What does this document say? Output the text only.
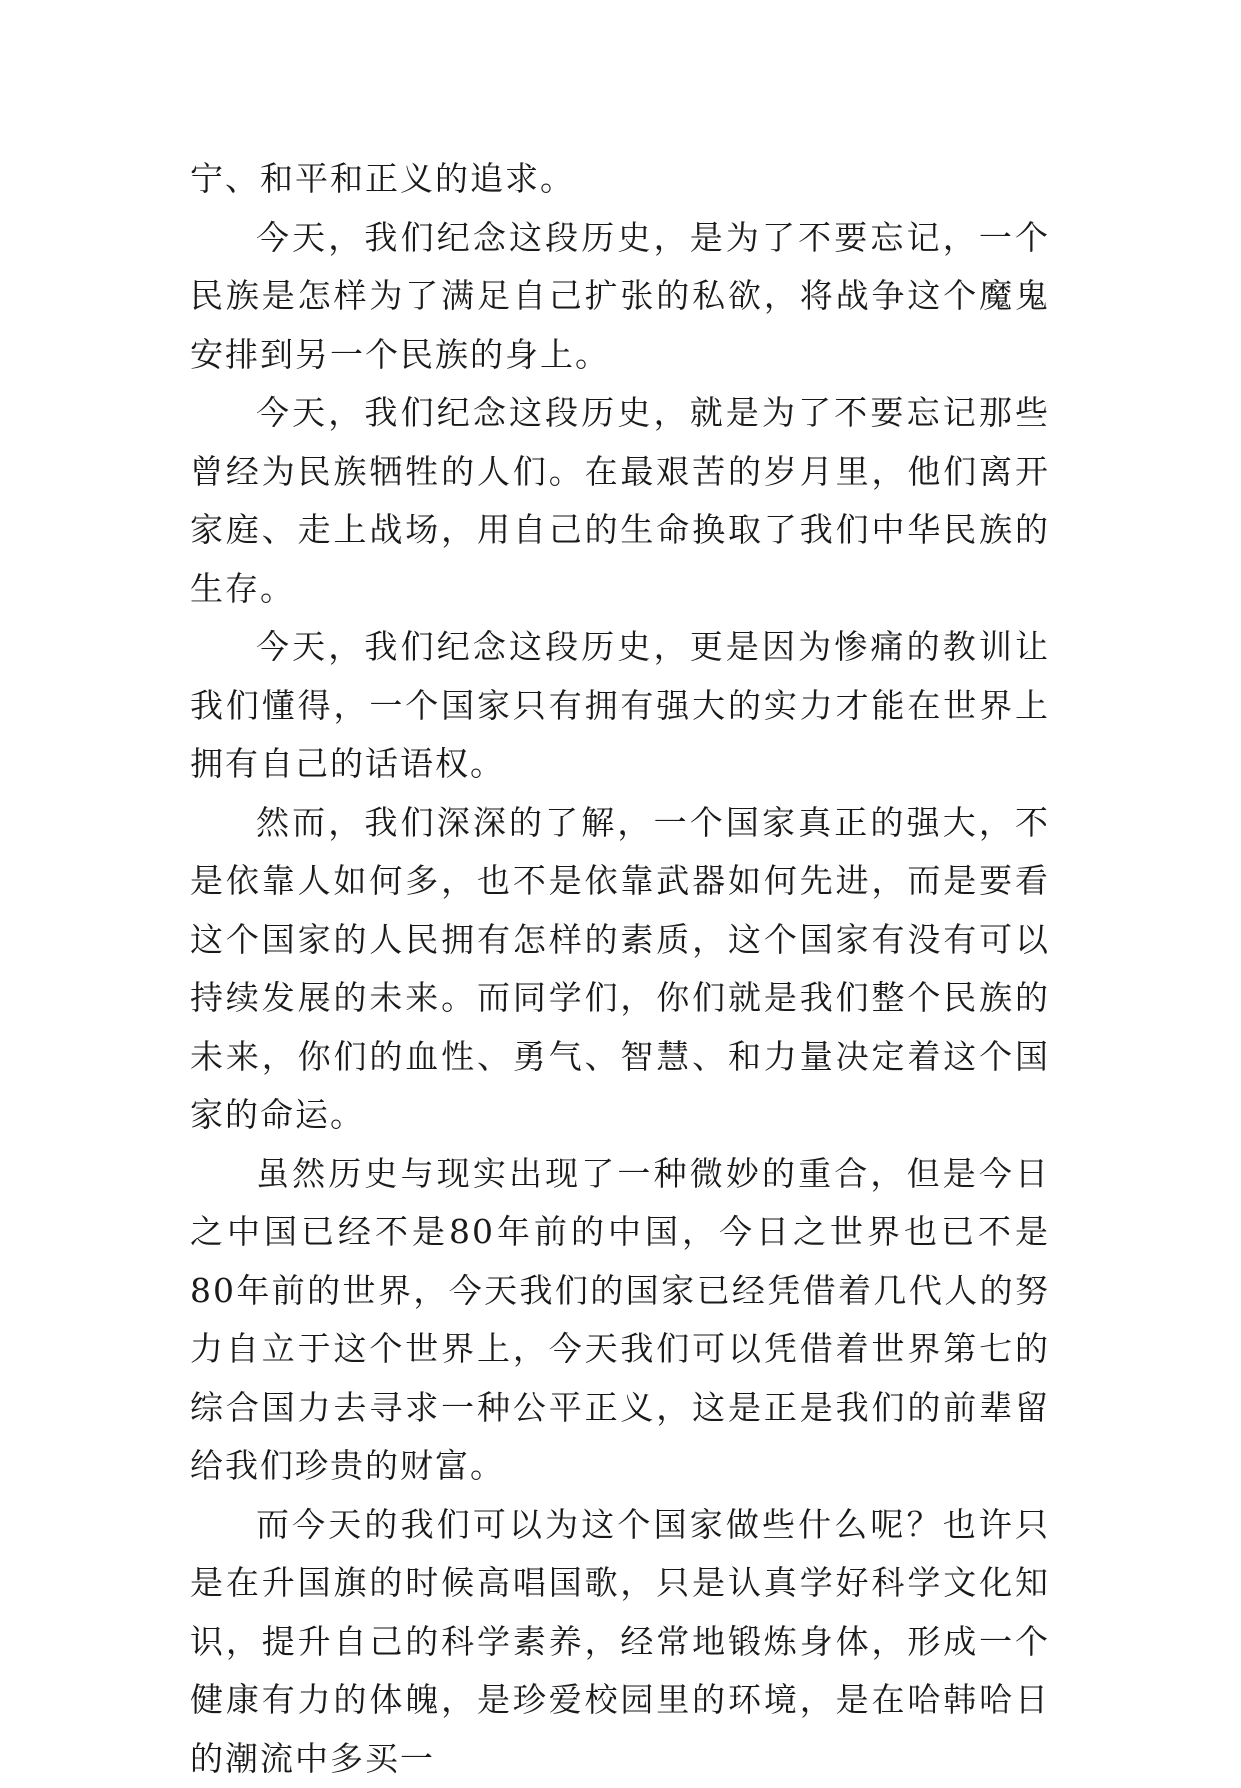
宁、和平和正义的追求。

今天，我们纪念这段历史，是为了不要忘记，一个民族是怎样为了满足自己扩张的私欲，将战争这个魔鬼安排到另一个民族的身上。

今天，我们纪念这段历史，就是为了不要忘记那些曾经为民族牺牲的人们。在最艰苦的岁月里，他们离开家庭、走上战场，用自己的生命换取了我们中华民族的生存。

今天，我们纪念这段历史，更是因为惨痛的教训让我们懂得，一个国家只有拥有强大的实力才能在世界上拥有自己的话语权。

然而，我们深深的了解，一个国家真正的强大，不是依靠人如何多，也不是依靠武器如何先进，而是要看这个国家的人民拥有怎样的素质，这个国家有没有可以持续发展的未来。而同学们，你们就是我们整个民族的未来，你们的血性、勇气、智慧、和力量决定着这个国家的命运。

虽然历史与现实出现了一种微妙的重合，但是今日之中国已经不是80年前的中国，今日之世界也已不是80年前的世界，今天我们的国家已经凭借着几代人的努力自立于这个世界上，今天我们可以凭借着世界第七的综合国力去寻求一种公平正义，这是正是我们的前辈留给我们珍贵的财富。

而今天的我们可以为这个国家做些什么呢？也许只是在升国旗的时候高唱国歌，只是认真学好科学文化知识，提升自己的科学素养，经常地锻炼身体，形成一个健康有力的体魄，是珍爱校园里的环境，是在哈韩哈日的潮流中多买一
